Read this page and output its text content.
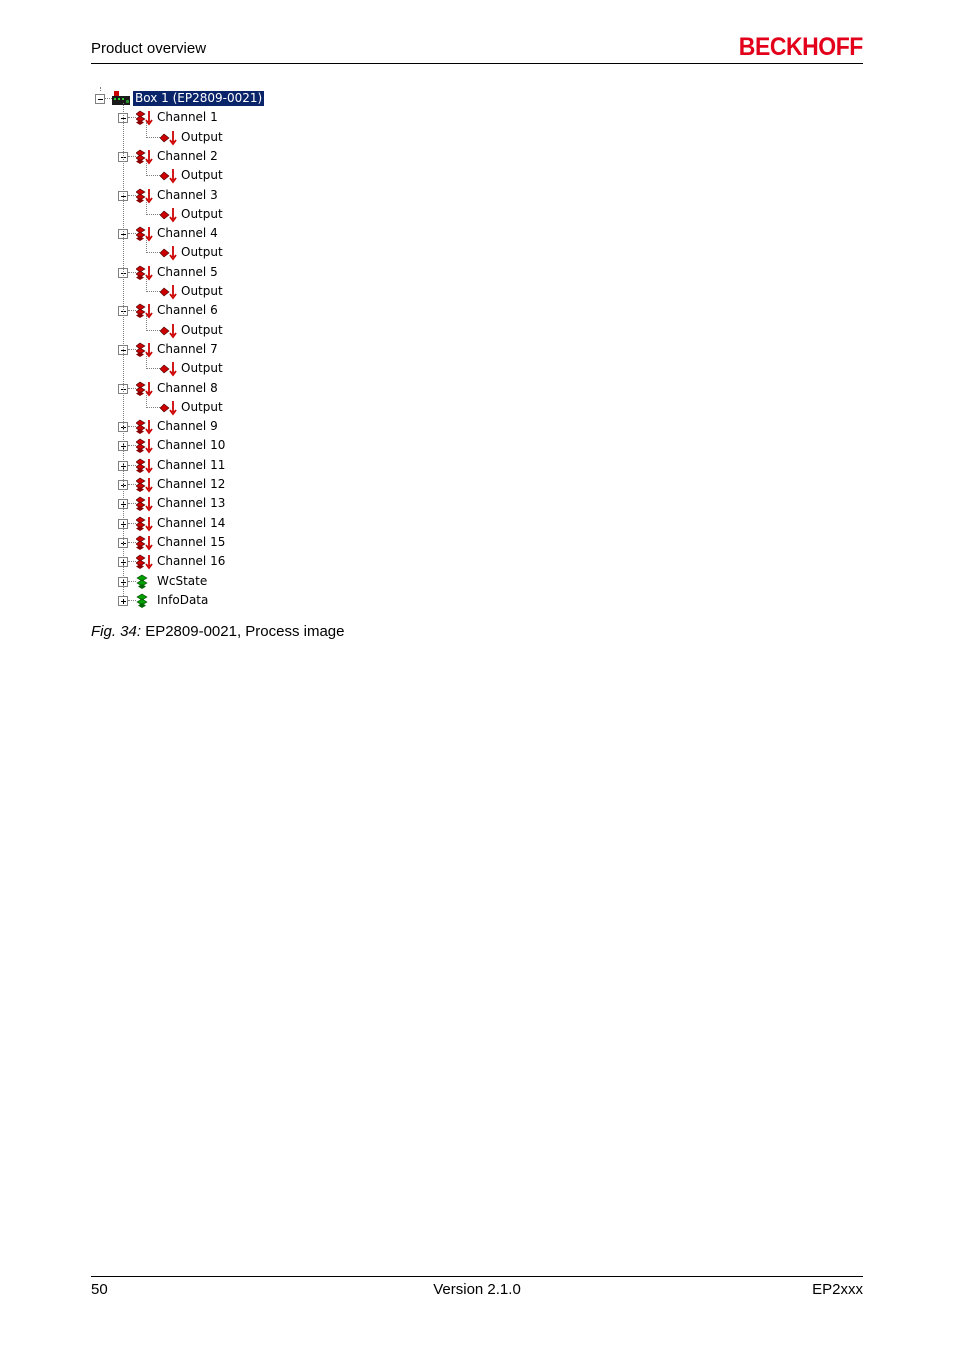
Product overview	BECKHOFF
Box 1 (EP2809-0021)
Channel 1
Output
Channel 2
Output
Channel 3
Output
Channel 4
Output
Channel 5
Output
Channel 6
Output
Channel 7
Output
Channel 8
Output
Channel 9
Channel 10
Channel 11
Channel 12
Channel 13
Channel 14
Channel 15
Channel 16
WcState
InfoData
Fig. 34: EP2809-0021, Process image
50	Version 2.1.0	EP2xxx
